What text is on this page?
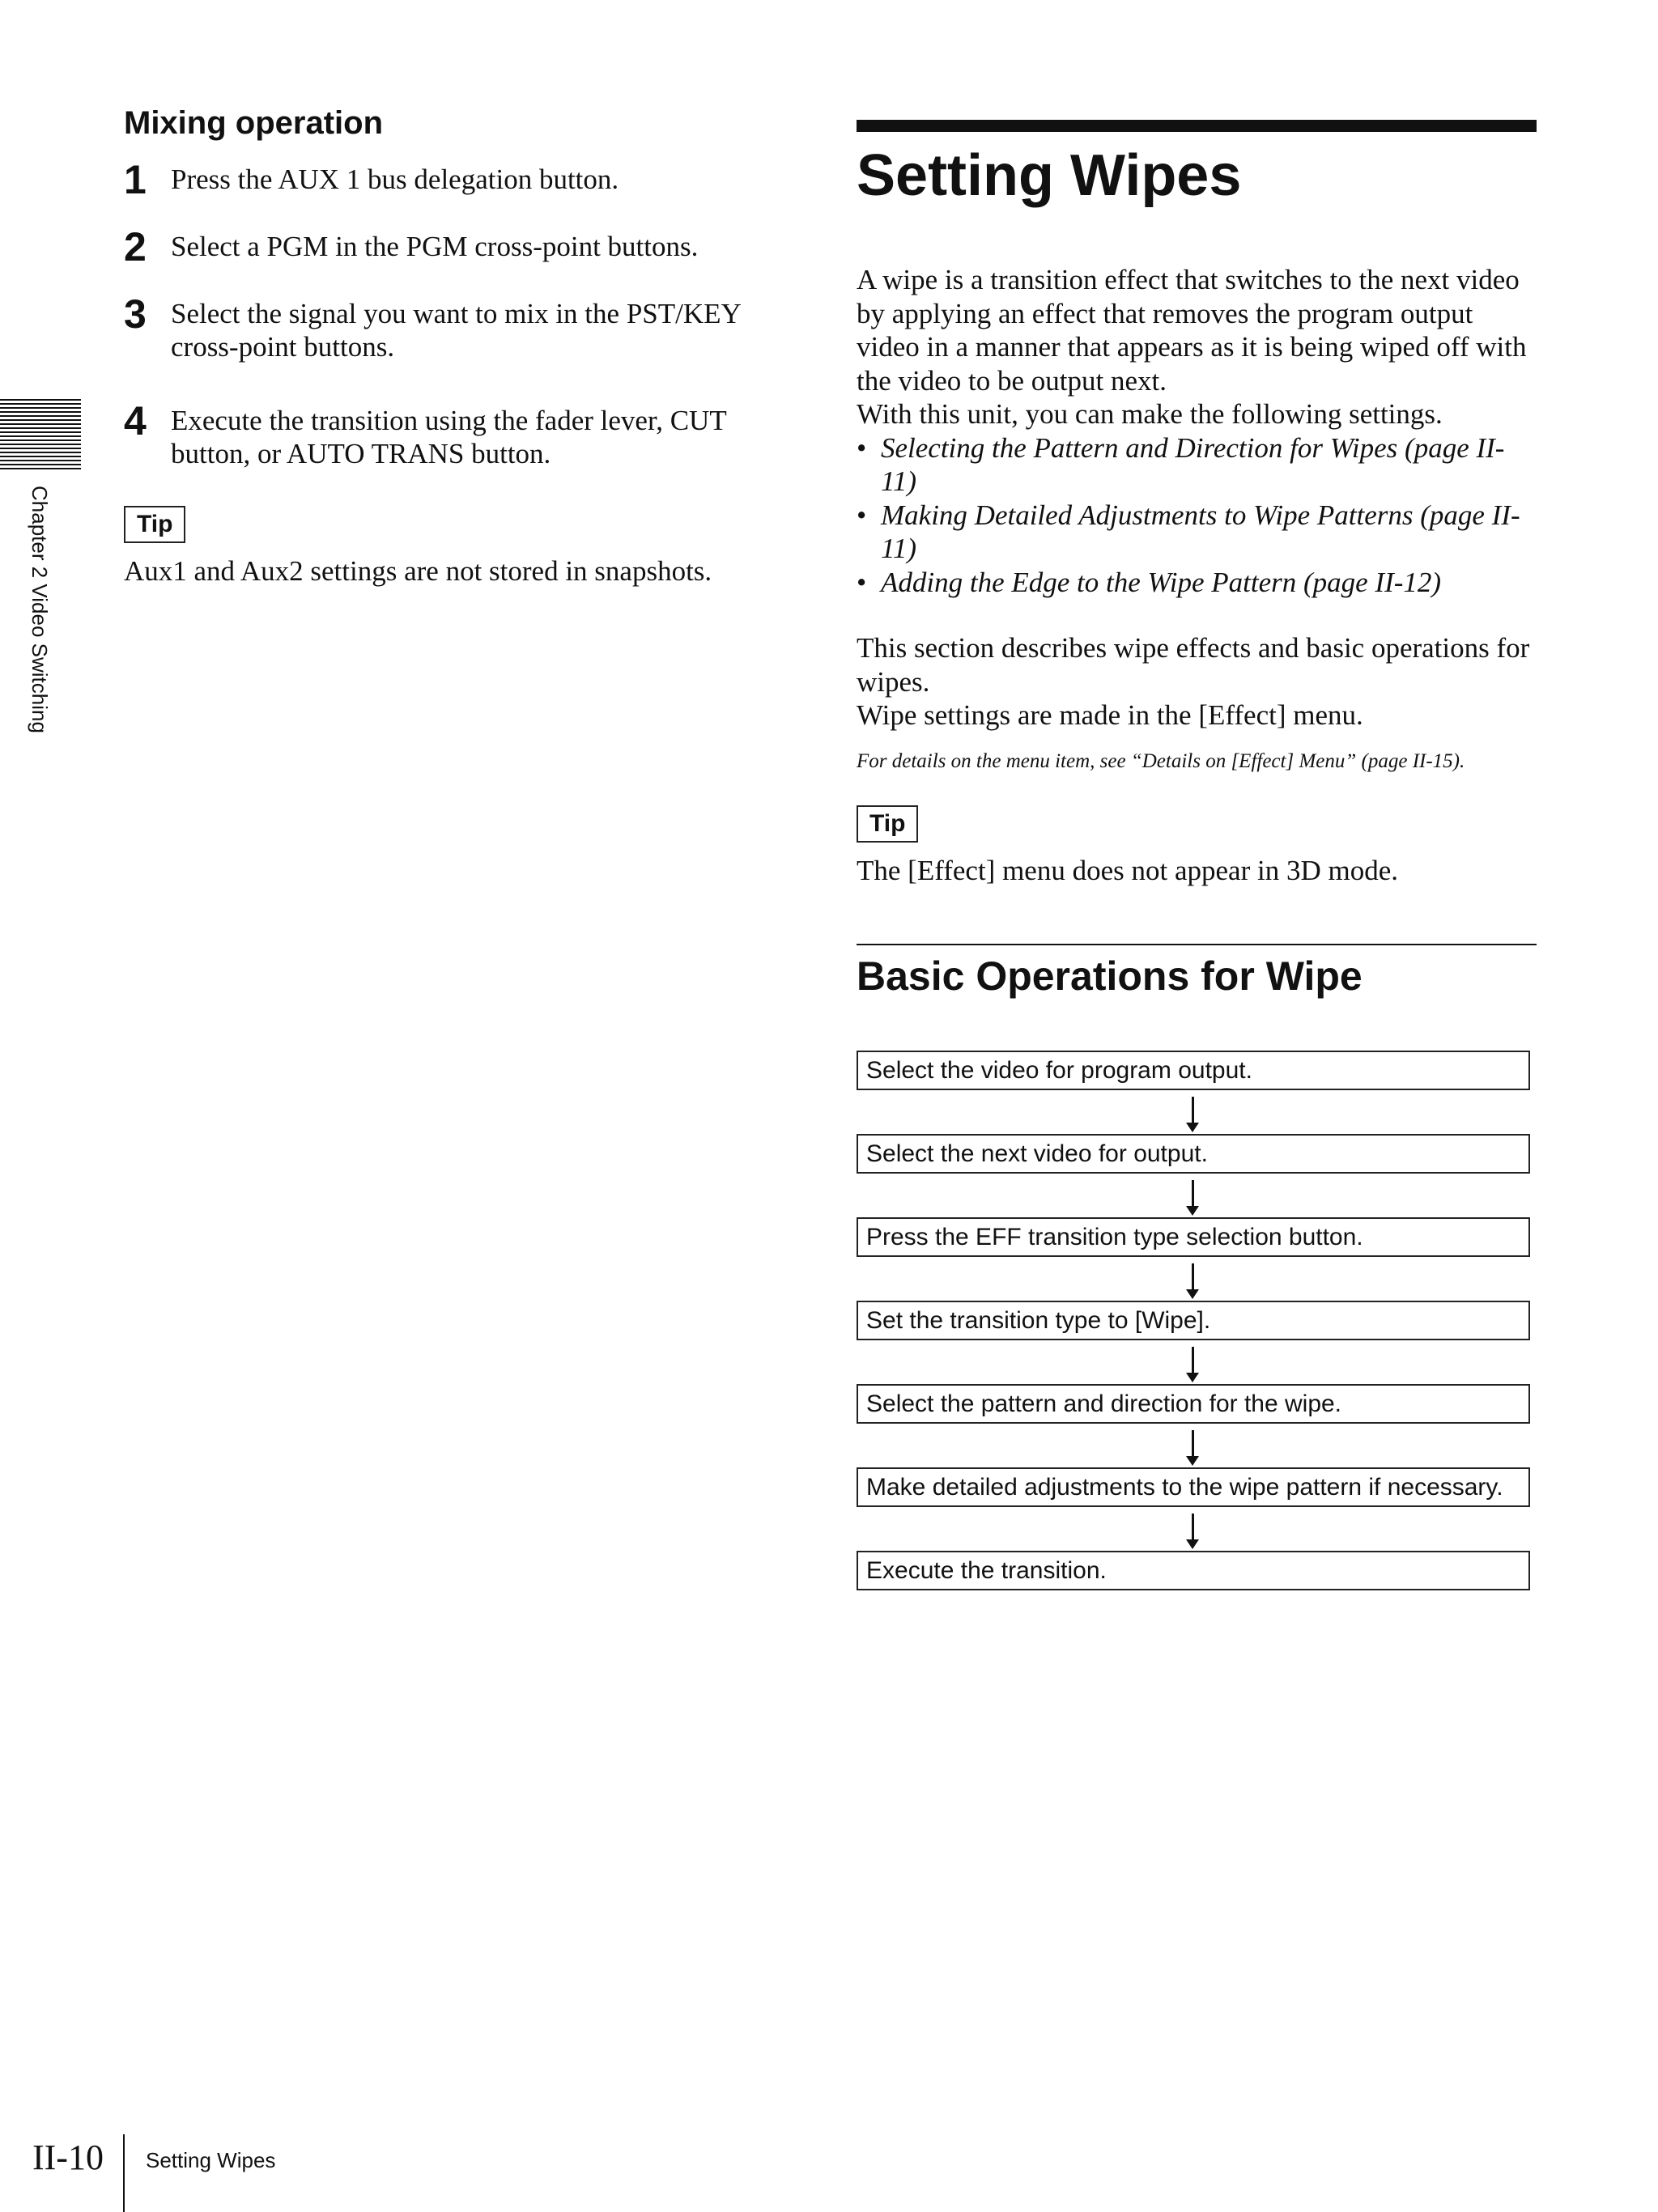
Mixing operation
1 Press the AUX 1 bus delegation button.
2 Select a PGM in the PGM cross-point buttons.
3 Select the signal you want to mix in the PST/KEY cross-point buttons.
4 Execute the transition using the fader lever, CUT button, or AUTO TRANS button.
Tip
Aux1 and Aux2 settings are not stored in snapshots.
Chapter 2 Video Switching
Setting Wipes
A wipe is a transition effect that switches to the next video by applying an effect that removes the program output video in a manner that appears as it is being wiped off with the video to be output next.
With this unit, you can make the following settings.
• Selecting the Pattern and Direction for Wipes (page II-11)
• Making Detailed Adjustments to Wipe Patterns (page II-11)
• Adding the Edge to the Wipe Pattern (page II-12)
This section describes wipe effects and basic operations for wipes.
Wipe settings are made in the [Effect] menu.
For details on the menu item, see “Details on [Effect] Menu” (page II-15).
Tip
The [Effect] menu does not appear in 3D mode.
Basic Operations for Wipe
Select the video for program output.
Select the next video for output.
Press the EFF transition type selection button.
Set the transition type to [Wipe].
Select the pattern and direction for the wipe.
Make detailed adjustments to the wipe pattern if necessary.
Execute the transition.
II-10 Setting Wipes
